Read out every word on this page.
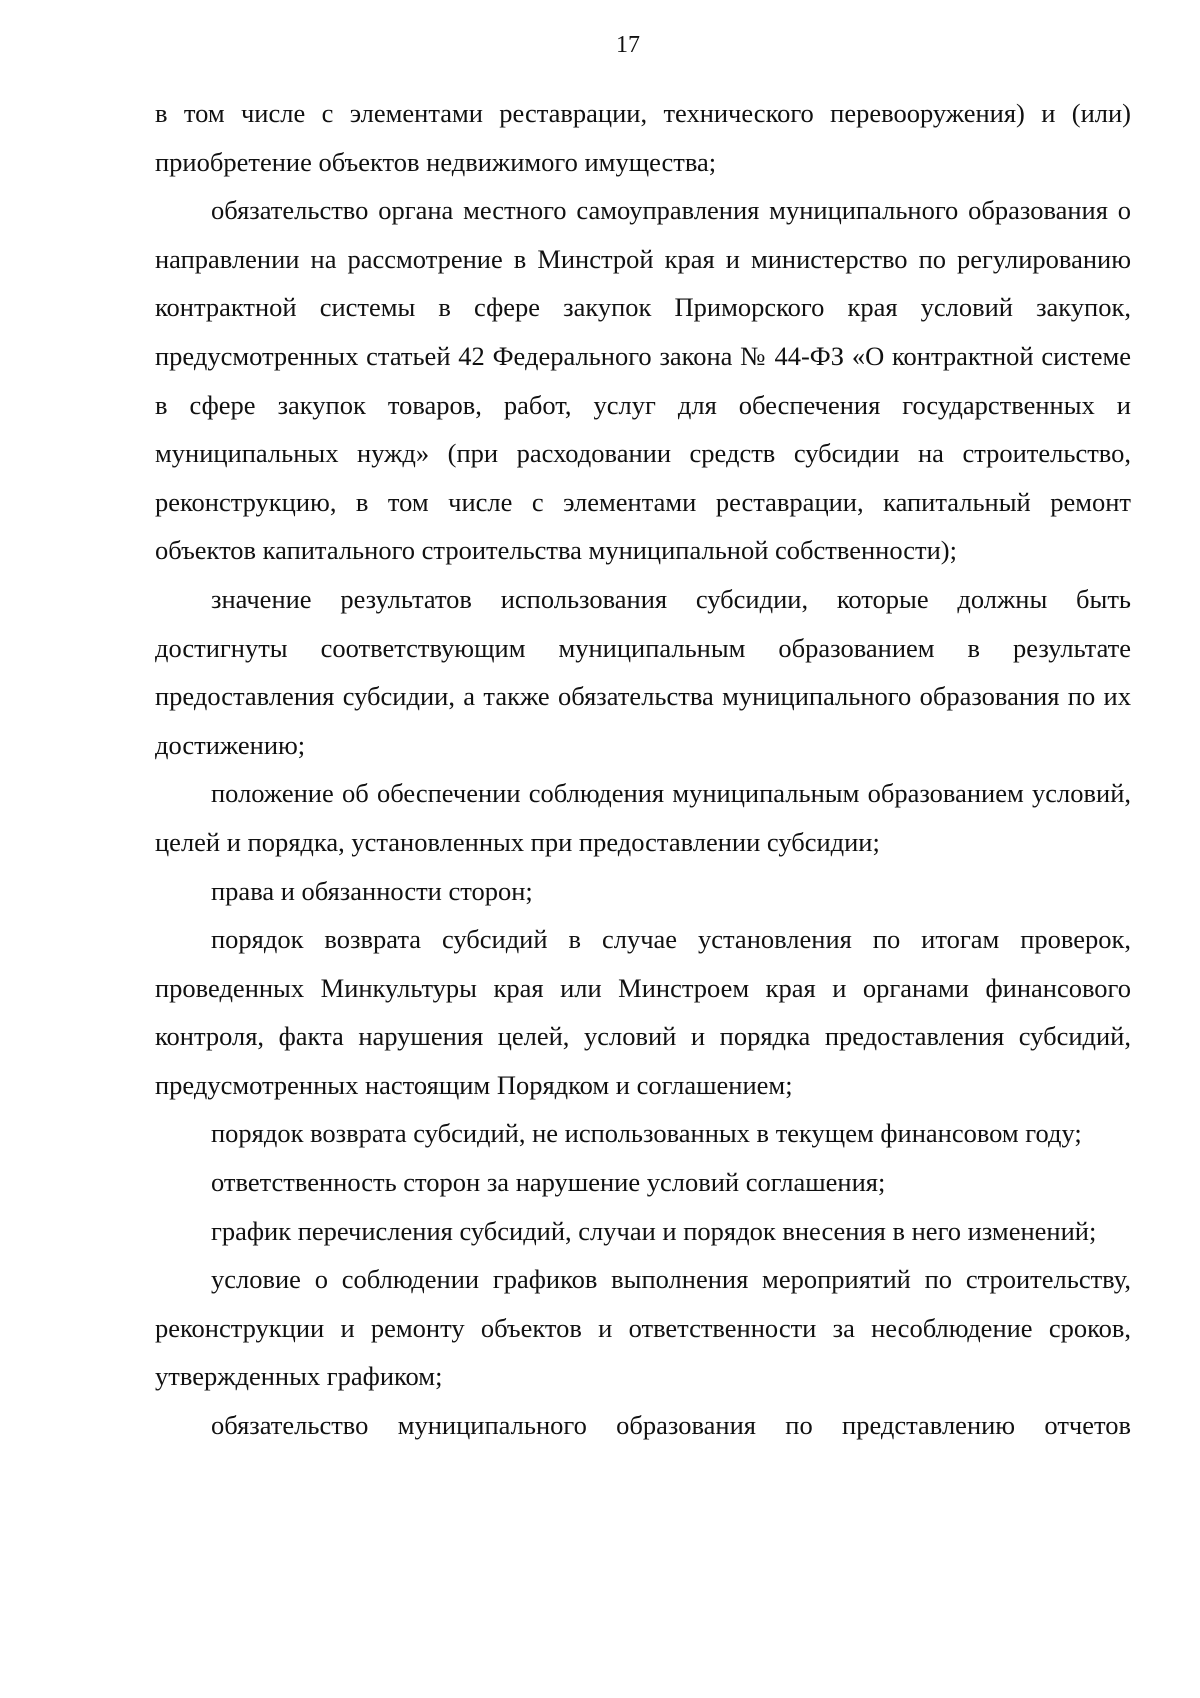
17

в том числе с элементами реставрации, технического перевооружения) и (или) приобретение объектов недвижимого имущества;

обязательство органа местного самоуправления муниципального образования о направлении на рассмотрение в Минстрой края и министерство по регулированию контрактной системы в сфере закупок Приморского края условий закупок, предусмотренных статьей 42 Федерального закона № 44-ФЗ «О контрактной системе в сфере закупок товаров, работ, услуг для обеспечения государственных и муниципальных нужд» (при расходовании средств субсидии на строительство, реконструкцию, в том числе с элементами реставрации, капитальный ремонт объектов капитального строительства муниципальной собственности);

значение результатов использования субсидии, которые должны быть достигнуты соответствующим муниципальным образованием в результате предоставления субсидии, а также обязательства муниципального образования по их достижению;

положение об обеспечении соблюдения муниципальным образованием условий, целей и порядка, установленных при предоставлении субсидии;

права и обязанности сторон;

порядок возврата субсидий в случае установления по итогам проверок, проведенных Минкультуры края или Минстроем края и органами финансового контроля, факта нарушения целей, условий и порядка предоставления субсидий, предусмотренных настоящим Порядком и соглашением;

порядок возврата субсидий, не использованных в текущем финансовом году;

ответственность сторон за нарушение условий соглашения;

график перечисления субсидий, случаи и порядок внесения в него изменений;

условие о соблюдении графиков выполнения мероприятий по строительству, реконструкции и ремонту объектов и ответственности за несоблюдение сроков, утвержденных графиком;

обязательство муниципального образования по представлению отчетов
